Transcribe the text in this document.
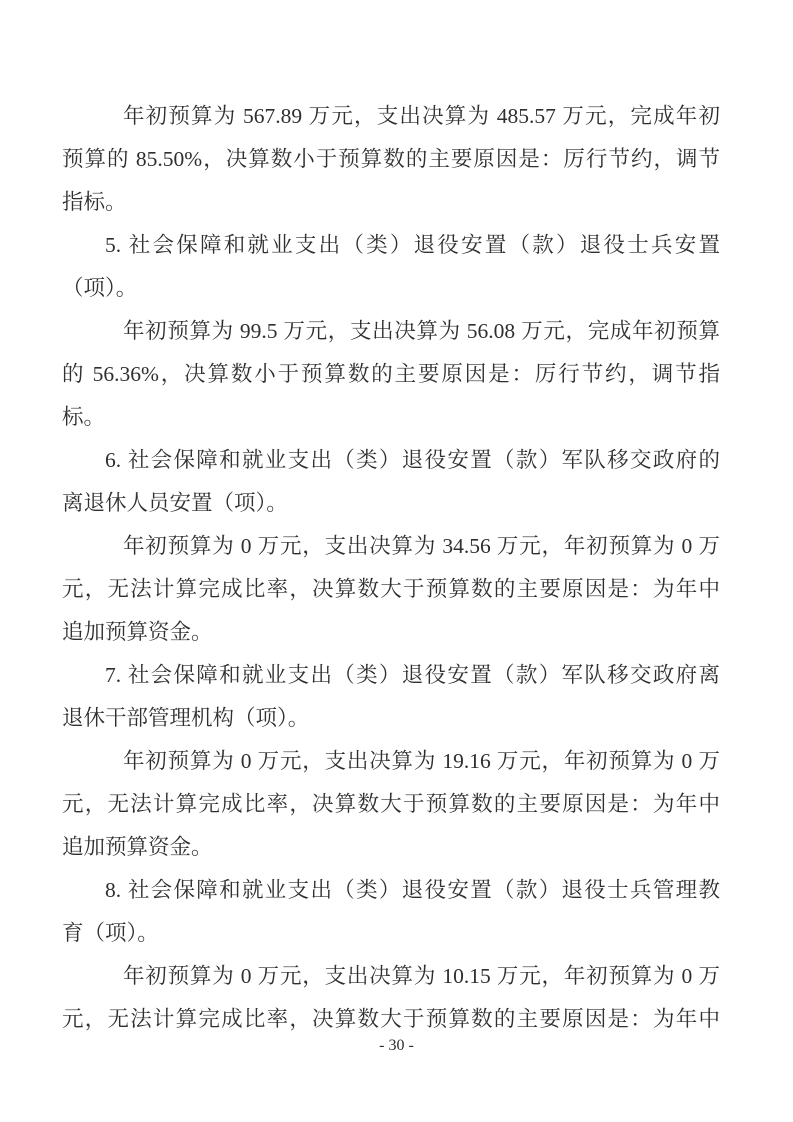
年初预算为 567.89 万元，支出决算为 485.57 万元，完成年初
预算的 85.50%，决算数小于预算数的主要原因是：厉行节约，调节
指标。
5. 社会保障和就业支出（类）退役安置（款）退役士兵安置
（项）。
年初预算为 99.5 万元，支出决算为 56.08 万元，完成年初预算
的 56.36%，决算数小于预算数的主要原因是：厉行节约，调节指
标。
6. 社会保障和就业支出（类）退役安置（款）军队移交政府的
离退休人员安置（项）。
年初预算为 0 万元，支出决算为 34.56 万元，年初预算为 0 万
元，无法计算完成比率，决算数大于预算数的主要原因是：为年中
追加预算资金。
7. 社会保障和就业支出（类）退役安置（款）军队移交政府离
退休干部管理机构（项）。
年初预算为 0 万元，支出决算为 19.16 万元，年初预算为 0 万
元，无法计算完成比率，决算数大于预算数的主要原因是：为年中
追加预算资金。
8. 社会保障和就业支出（类）退役安置（款）退役士兵管理教
育（项）。
年初预算为 0 万元，支出决算为 10.15 万元，年初预算为 0 万
元，无法计算完成比率，决算数大于预算数的主要原因是：为年中
- 30 -
